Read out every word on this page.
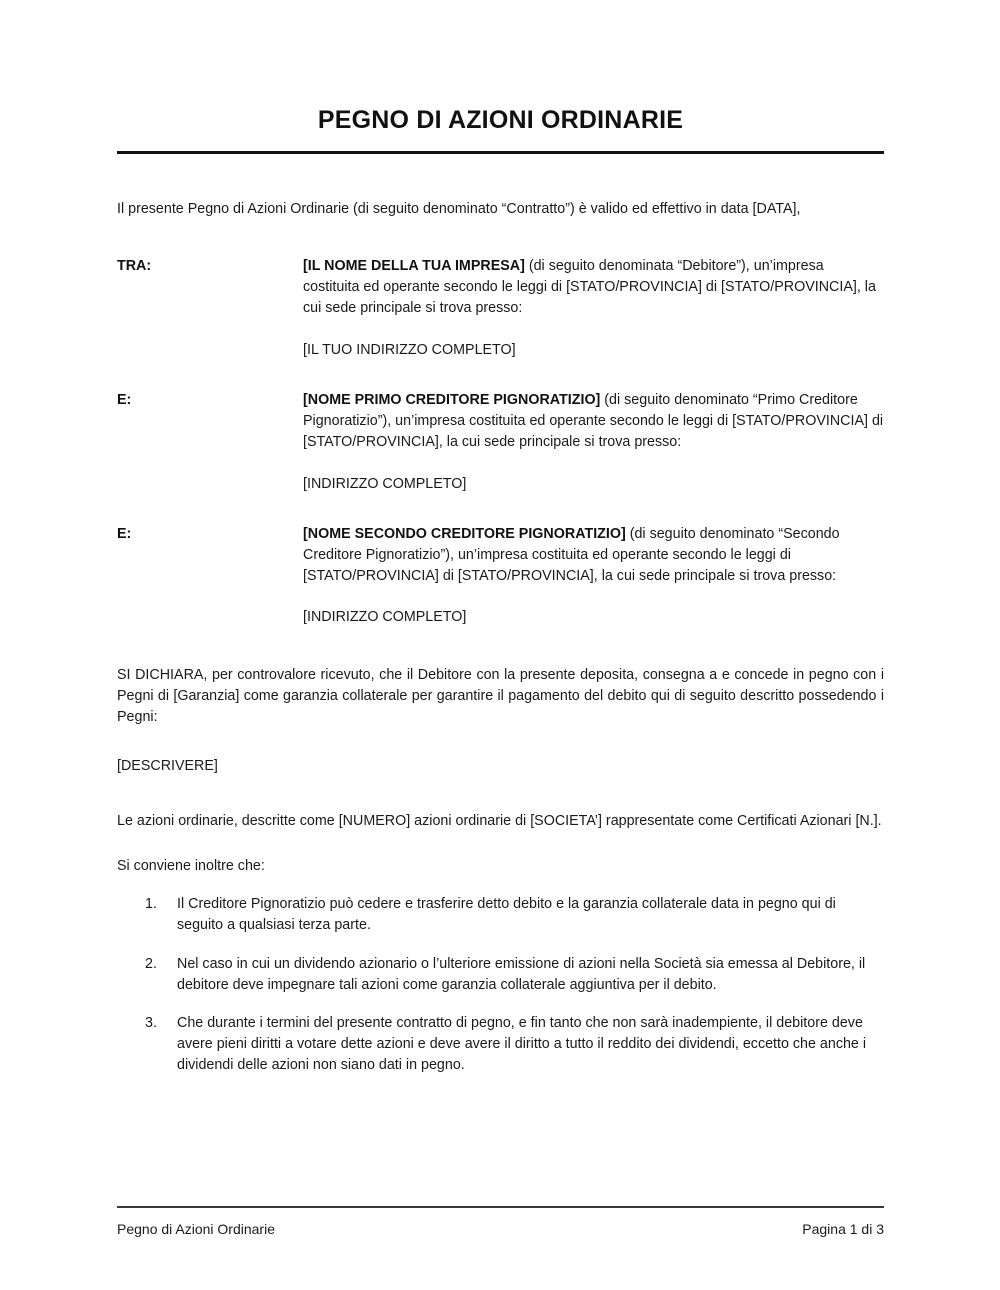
PEGNO DI AZIONI ORDINARIE

Il presente Pegno di Azioni Ordinarie (di seguito denominato “Contratto”) è valido ed effettivo in data [DATA],

TRA:	[IL NOME DELLA TUA IMPRESA] (di seguito denominata “Debitore”), un’impresa costituita ed operante secondo le leggi di [STATO/PROVINCIA] di [STATO/PROVINCIA], la cui sede principale si trova presso:
[IL TUO INDIRIZZO COMPLETO]
E:	[NOME PRIMO CREDITORE PIGNORATIZIO] (di seguito denominato “Primo Creditore Pignoratizio”), un’impresa costituita ed operante secondo le leggi di [STATO/PROVINCIA] di [STATO/PROVINCIA], la cui sede principale si trova presso:
[INDIRIZZO COMPLETO]
E:	[NOME SECONDO CREDITORE PIGNORATIZIO] (di seguito denominato “Secondo Creditore Pignoratizio”), un’impresa costituita ed operante secondo le leggi di [STATO/PROVINCIA] di [STATO/PROVINCIA], la cui sede principale si trova presso:
[INDIRIZZO COMPLETO]

SI DICHIARA, per controvalore ricevuto, che il Debitore con la presente deposita, consegna a e concede in pegno con i Pegni di [Garanzia] come garanzia collaterale per garantire il pagamento del debito qui di seguito descritto possedendo i Pegni:

[DESCRIVERE]

Le azioni ordinarie, descritte come [NUMERO] azioni ordinarie di [SOCIETA’] rappresentate come Certificati Azionari [N.].

Si conviene inoltre che:

1.	Il Creditore Pignoratizio può cedere e trasferire detto debito e la garanzia collaterale data in pegno qui di seguito a qualsiasi terza parte.
2.	Nel caso in cui un dividendo azionario o l’ulteriore emissione di azioni nella Società sia emessa al Debitore, il debitore deve impegnare tali azioni come garanzia collaterale aggiuntiva per il debito.
3.	Che durante i termini del presente contratto di pegno, e fin tanto che non sarà inadempiente, il debitore deve avere pieni diritti a votare dette azioni e deve avere il diritto a tutto il reddito dei dividendi, eccetto che anche i dividendi delle azioni non siano dati in pegno.
Pegno di Azioni Ordinarie	Pagina 1 di 3
